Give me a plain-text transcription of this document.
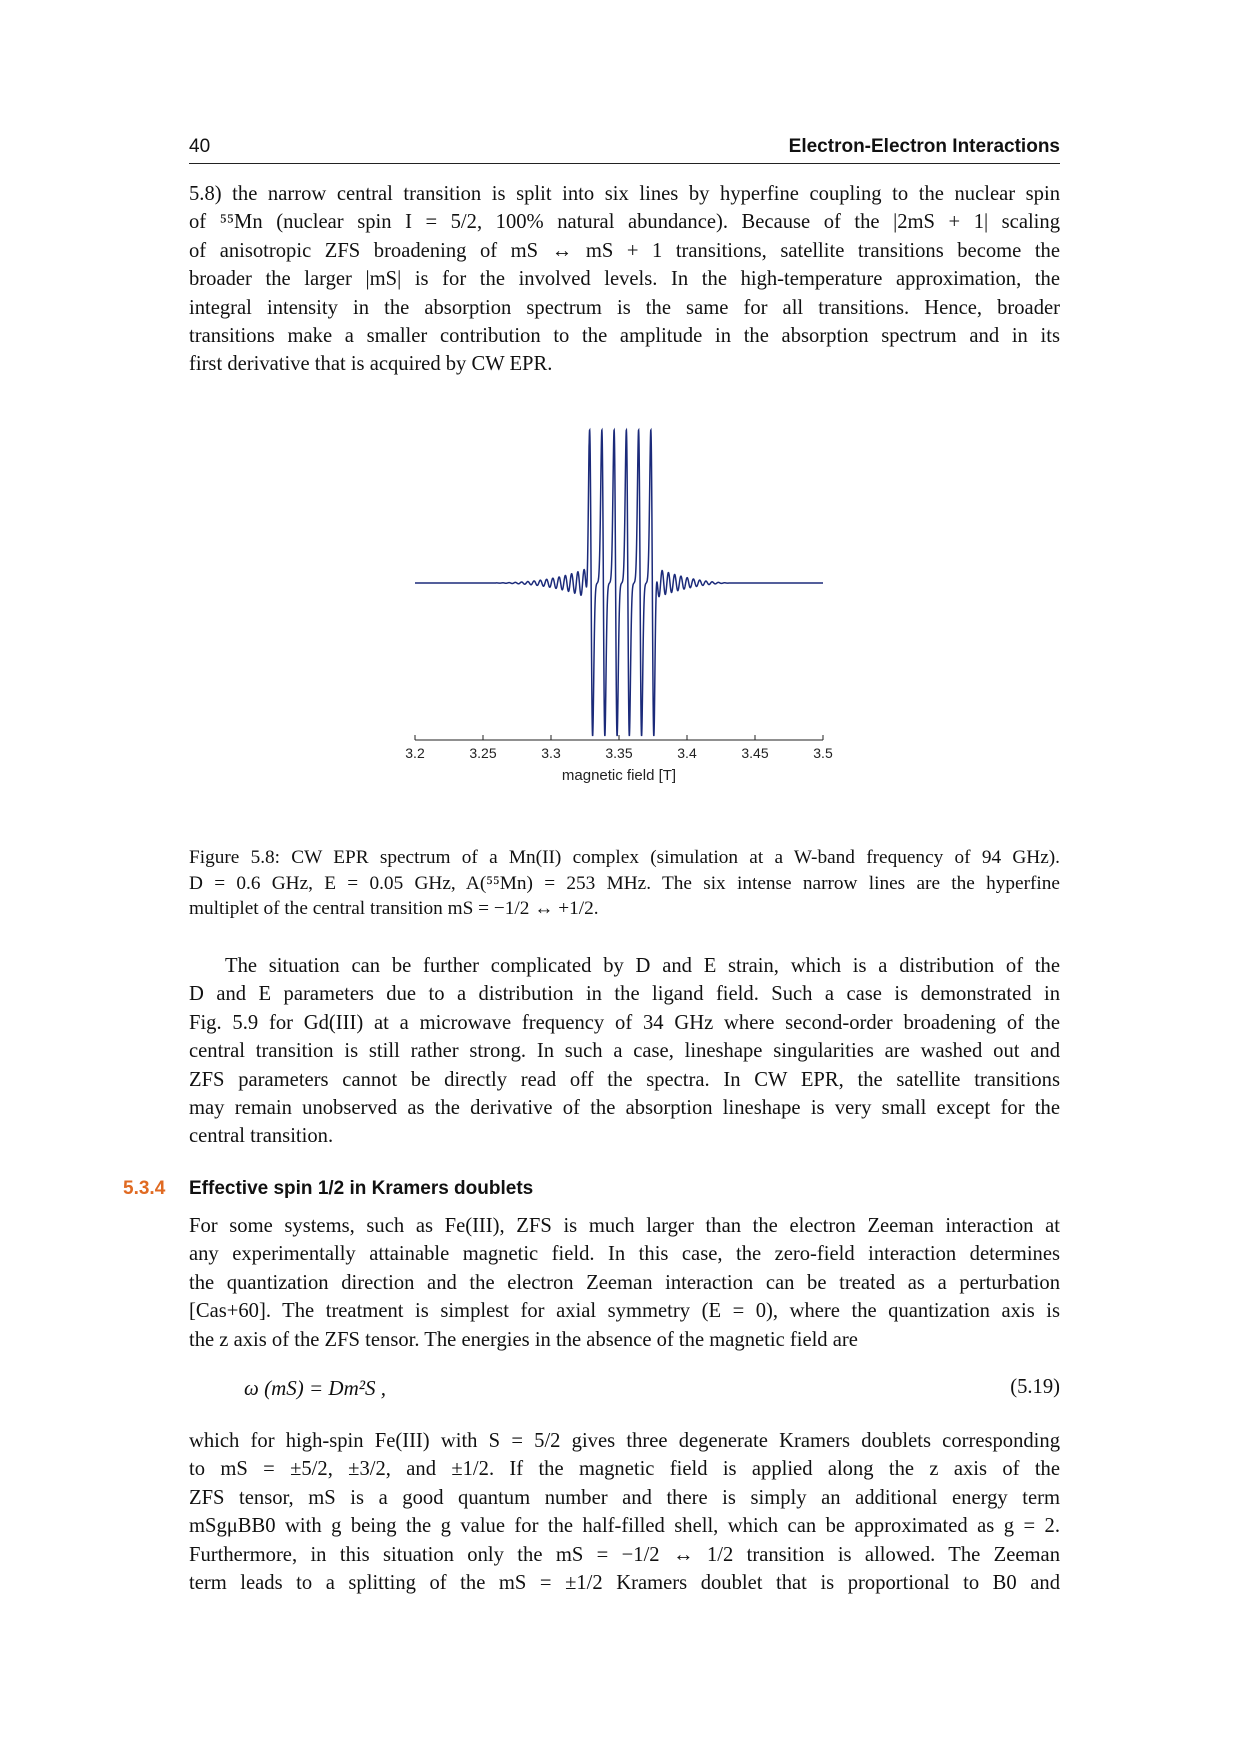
40	Electron-Electron Interactions
5.8) the narrow central transition is split into six lines by hyperfine coupling to the nuclear spin
of ⁵⁵Mn (nuclear spin I = 5/2, 100% natural abundance). Because of the |2mS + 1| scaling
of anisotropic ZFS broadening of mS ↔ mS + 1 transitions, satellite transitions become the
broader the larger |mS| is for the involved levels. In the high-temperature approximation, the
integral intensity in the absorption spectrum is the same for all transitions. Hence, broader
transitions make a smaller contribution to the amplitude in the absorption spectrum and in its
first derivative that is acquired by CW EPR.
3.2	3.25	3.3	3.35	3.4	3.45	3.5
magnetic field [T]
Figure 5.8: CW EPR spectrum of a Mn(II) complex (simulation at a W-band frequency of 94 GHz).
D = 0.6 GHz, E = 0.05 GHz, A(⁵⁵Mn) = 253 MHz. The six intense narrow lines are the hyperfine
multiplet of the central transition mS = −1/2 ↔ +1/2.
The situation can be further complicated by D and E strain, which is a distribution of the
D and E parameters due to a distribution in the ligand field. Such a case is demonstrated in
Fig. 5.9 for Gd(III) at a microwave frequency of 34 GHz where second-order broadening of the
central transition is still rather strong. In such a case, lineshape singularities are washed out and
ZFS parameters cannot be directly read off the spectra. In CW EPR, the satellite transitions
may remain unobserved as the derivative of the absorption lineshape is very small except for the
central transition.
5.3.4 Effective spin 1/2 in Kramers doublets
For some systems, such as Fe(III), ZFS is much larger than the electron Zeeman interaction at
any experimentally attainable magnetic field. In this case, the zero-field interaction determines
the quantization direction and the electron Zeeman interaction can be treated as a perturbation
[Cas+60]. The treatment is simplest for axial symmetry (E = 0), where the quantization axis is
the z axis of the ZFS tensor. The energies in the absence of the magnetic field are
ω (mS) = Dm²S ,	(5.19)
which for high-spin Fe(III) with S = 5/2 gives three degenerate Kramers doublets corresponding
to mS = ±5/2, ±3/2, and ±1/2. If the magnetic field is applied along the z axis of the
ZFS tensor, mS is a good quantum number and there is simply an additional energy term
mSgμBB0 with g being the g value for the half-filled shell, which can be approximated as g = 2.
Furthermore, in this situation only the mS = −1/2 ↔ 1/2 transition is allowed. The Zeeman
term leads to a splitting of the mS = ±1/2 Kramers doublet that is proportional to B0 and
